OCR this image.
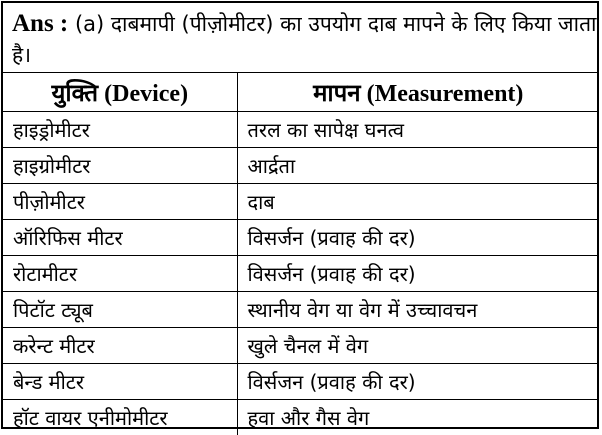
Ans : (a) दाबमापी (पीज़ोमीटर) का उपयोग दाब मापने के लिए किया जाता है।
युक्ति (Device)	मापन (Measurement)
हाइड्रोमीटर	तरल का सापेक्ष घनत्व
हाइग्रोमीटर	आर्द्रता
पीज़ोमीटर	दाब
ऑरिफिस मीटर	विसर्जन (प्रवाह की दर)
रोटामीटर	विसर्जन (प्रवाह की दर)
पिटॉट ट्यूब	स्थानीय वेग या वेग में उच्चावचन
करेन्ट मीटर	खुले चैनल में वेग
बेन्ड मीटर	विर्सजन (प्रवाह की दर)
हॉट वायर एनीमोमीटर	हवा और गैस वेग
